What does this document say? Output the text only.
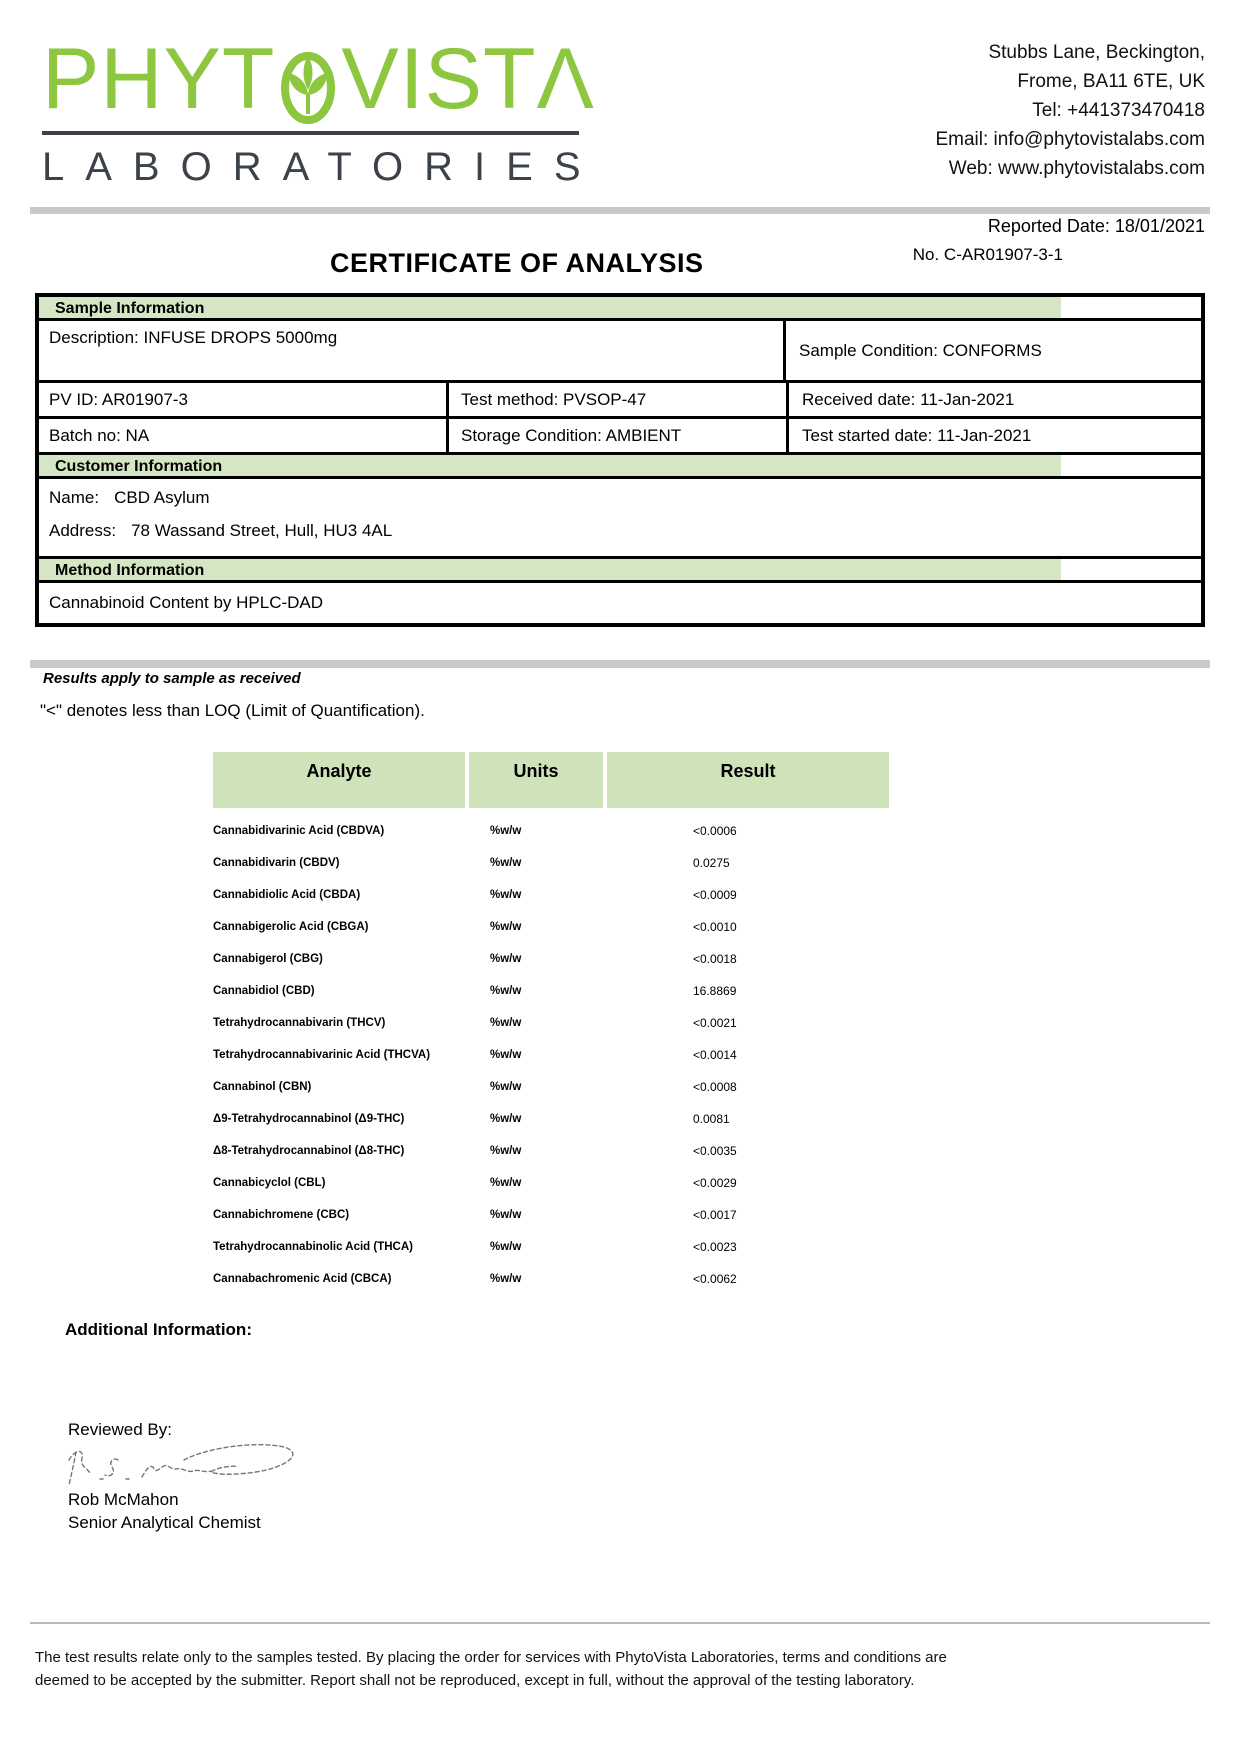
PHYT VISTΛ
LABORATORIES
Stubbs Lane, Beckington,
Frome, BA11 6TE, UK
Tel: +441373470418
Email: info@phytovistalabs.com
Web: www.phytovistalabs.com
Reported Date: 18/01/2021
No. C-AR01907-3-1
CERTIFICATE OF ANALYSIS
Sample Information
Description: INFUSE DROPS 5000mg
Sample Condition: CONFORMS
PV ID: AR01907-3	Test method: PVSOP-47	Received date: 11-Jan-2021
Batch no: NA	Storage Condition: AMBIENT	Test started date: 11-Jan-2021
Customer Information
Name: CBD Asylum
Address: 78 Wassand Street, Hull, HU3 4AL
Method Information
Cannabinoid Content by HPLC-DAD
Results apply to sample as received
"<" denotes less than LOQ (Limit of Quantification).
Analyte	Units	Result
Cannabidivarinic Acid (CBDVA)	%w/w	<0.0006
Cannabidivarin (CBDV)	%w/w	0.0275
Cannabidiolic Acid (CBDA)	%w/w	<0.0009
Cannabigerolic Acid (CBGA)	%w/w	<0.0010
Cannabigerol (CBG)	%w/w	<0.0018
Cannabidiol (CBD)	%w/w	16.8869
Tetrahydrocannabivarin (THCV)	%w/w	<0.0021
Tetrahydrocannabivarinic Acid (THCVA)	%w/w	<0.0014
Cannabinol (CBN)	%w/w	<0.0008
Δ9-Tetrahydrocannabinol (Δ9-THC)	%w/w	0.0081
Δ8-Tetrahydrocannabinol (Δ8-THC)	%w/w	<0.0035
Cannabicyclol (CBL)	%w/w	<0.0029
Cannabichromene (CBC)	%w/w	<0.0017
Tetrahydrocannabinolic Acid (THCA)	%w/w	<0.0023
Cannabachromenic Acid (CBCA)	%w/w	<0.0062
Additional Information:
Reviewed By:
Rob McMahon
Senior Analytical Chemist
The test results relate only to the samples tested. By placing the order for services with PhytoVista Laboratories, terms and conditions are
deemed to be accepted by the submitter. Report shall not be reproduced, except in full, without the approval of the testing laboratory.
